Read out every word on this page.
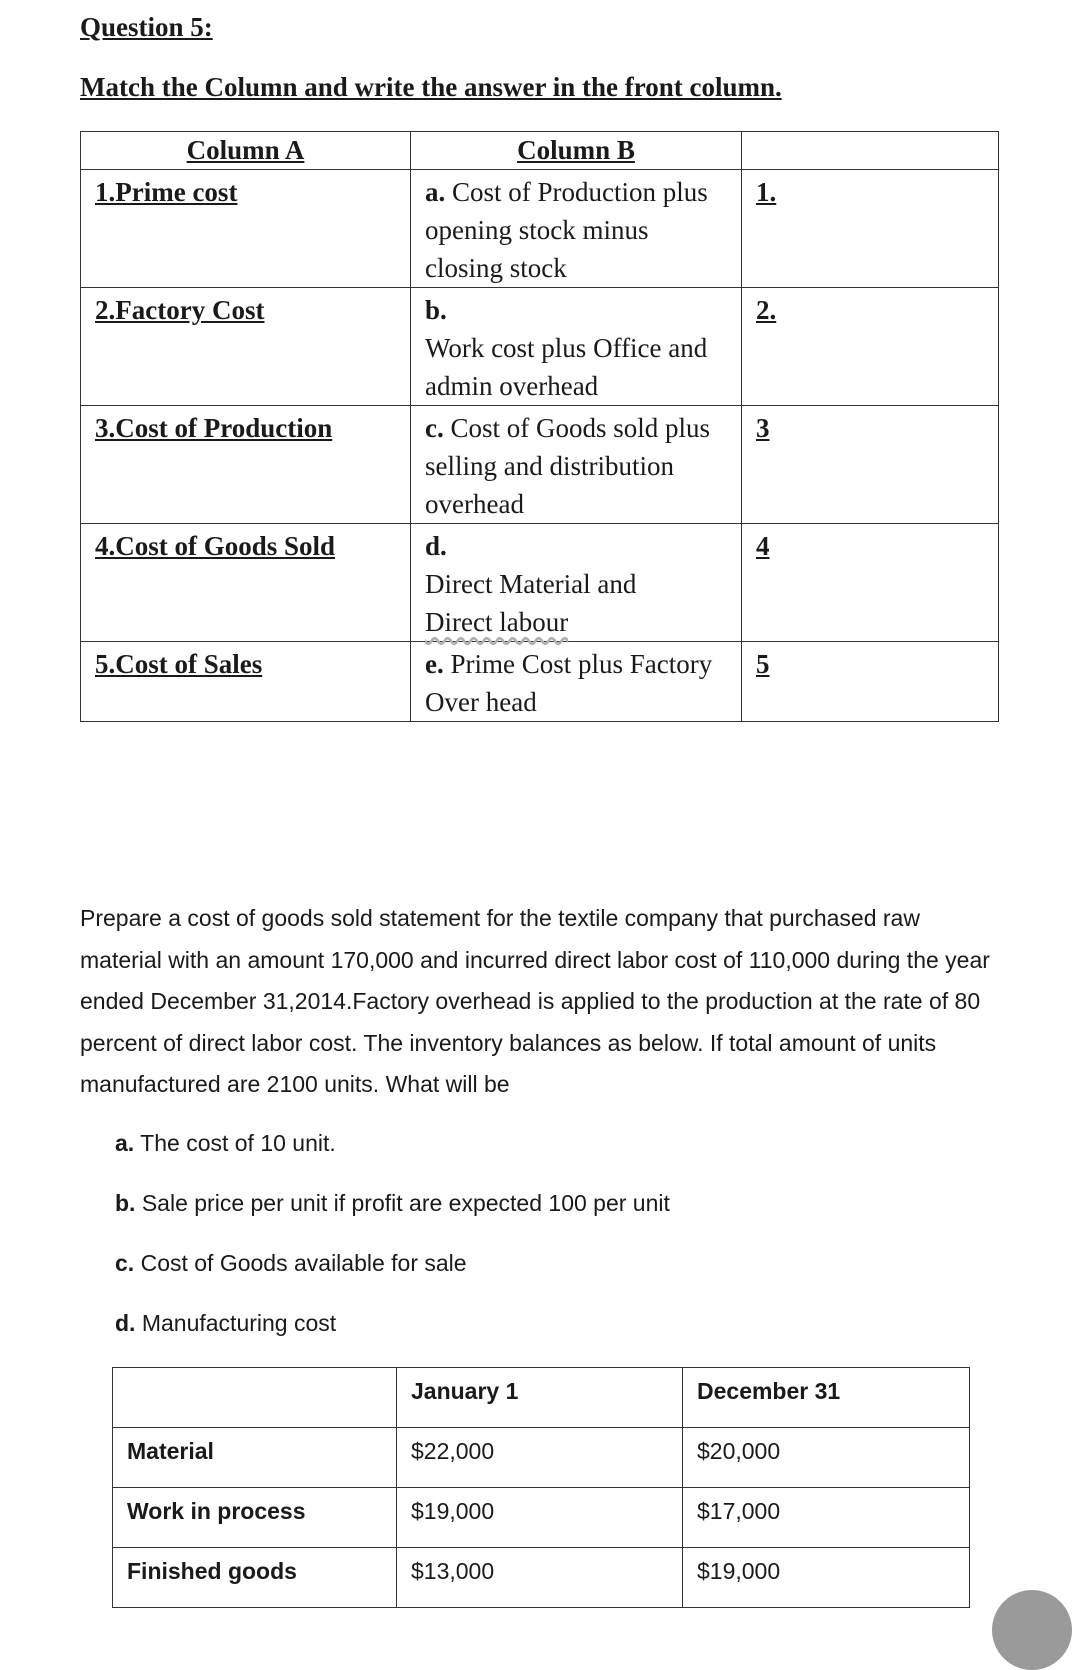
Question 5:
Match the Column and write the answer in the front column.
Column A	Column B	

1.Prime cost	a. Cost of Production plus opening stock minus closing stock	1.

2.Factory Cost	b.
Work cost plus Office and admin overhead	2.

3.Cost of Production	c. Cost of Goods sold plus selling and distribution overhead	3

4.Cost of Goods Sold	d.
Direct Material and
Direct labour	4

5.Cost of Sales	e. Prime Cost plus Factory Over head	5
Prepare a cost of goods sold statement for the textile company that purchased raw material with an amount 170,000 and incurred direct labor cost of 110,000 during the year ended December 31,2014.Factory overhead is applied to the production at the rate of 80 percent of direct labor cost. The inventory balances as below. If total amount of units manufactured are 2100 units. What will be
a. The cost of 10 unit.
b. Sale price per unit if profit are expected 100 per unit
c. Cost of Goods available for sale
d. Manufacturing cost
	January 1	December 31
Material	$22,000	$20,000
Work in process	$19,000	$17,000
Finished goods	$13,000	$19,000
